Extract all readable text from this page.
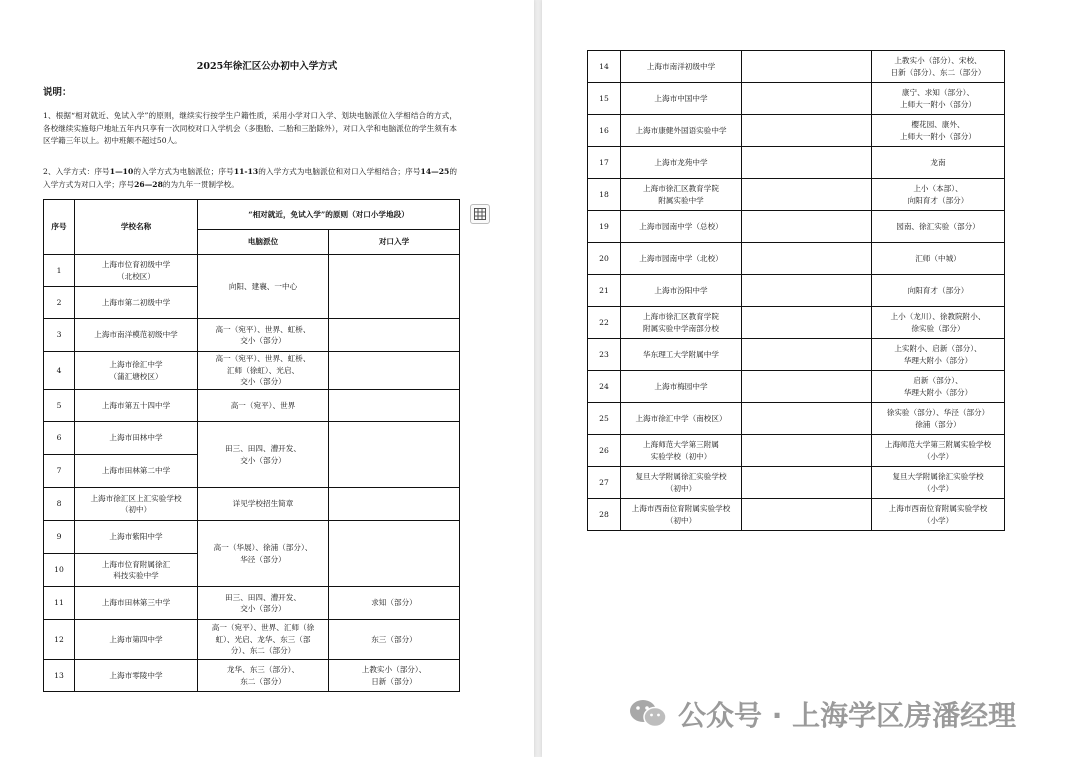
2025年徐汇区公办初中入学方式
说明：
1、根据“相对就近、免试入学”的原则，继续实行按学生户籍性质，采用小学对口入学、划块电脑派位入学相结合的方式，各校继续实施每户地址五年内只享有一次同校对口入学机会（多胞胎、二胎和三胎除外），对口入学和电脑派位的学生须有本区学籍三年以上。初中班额不超过50人。
2、入学方式：序号1—10的入学方式为电脑派位；序号11-13的入学方式为电脑派位和对口入学相结合；序号14—25的入学方式为对口入学；序号26—28的为九年一贯制学校。
序号	学校名称	“相对就近，免试入学”的原则（对口小学地段）	

		电脑派位	对口入学

1	上海市位育初级中学
（北校区）	向阳、建襄、一中心	

2	上海市第二初级中学		

3	上海市南洋模范初级中学	高一（宛平）、世界、虹桥、
交小（部分）	

4	上海市徐汇中学
（蒲汇塘校区）	高一（宛平）、世界、虹桥、
汇师（徐虹）、光启、
交小（部分）	

5	上海市第五十四中学	高一（宛平）、世界	

6	上海市田林中学	田三、田四、漕开发、
交小（部分）	

7	上海市田林第二中学		

8	上海市徐汇区上汇实验学校
（初中）	详见学校招生简章	

9	上海市紫阳中学	高一（华展）、徐浦（部分）、
华泾（部分）	

10	上海市位育附属徐汇
科技实验中学		

11	上海市田林第三中学	田三、田四、漕开发、
交小（部分）	求知（部分）

12	上海市第四中学	高一（宛平）、世界、汇师（徐
虹）、光启、龙华、东三（部
分）、东二（部分）	东三（部分）

13	上海市零陵中学	龙华、东三（部分）、
东二（部分）	上教实小（部分）、
日新（部分）
14	上海市南洋初级中学		上教实小（部分）、宋校、
日新（部分）、东二（部分）

15	上海市中国中学		康宁、求知（部分）、
上师大一附小（部分）

16	上海市康健外国语实验中学		樱花园、康外、
上师大一附小（部分）

17	上海市龙苑中学		龙南

18	上海市徐汇区教育学院
附属实验中学		上小（本部）、
向阳育才（部分）

19	上海市园南中学（总校）		园南、徐汇实验（部分）

20	上海市园南中学（北校）		汇师（中城）

21	上海市汾阳中学		向阳育才（部分）

22	上海市徐汇区教育学院
附属实验中学南部分校		上小（龙川）、徐教院附小、
徐实验（部分）

23	华东理工大学附属中学		上实附小、启新（部分）、
华理大附小（部分）

24	上海市梅园中学		启新（部分）、
华理大附小（部分）

25	上海市徐汇中学（南校区）		徐实验（部分）、华泾（部分）
徐浦（部分）

26	上海师范大学第三附属
实验学校（初中）		上海师范大学第三附属实验学校
（小学）

27	复旦大学附属徐汇实验学校
（初中）		复旦大学附属徐汇实验学校
（小学）

28	上海市西南位育附属实验学校
（初中）		上海市西南位育附属实验学校
（小学）
公众号 · 上海学区房潘经理
